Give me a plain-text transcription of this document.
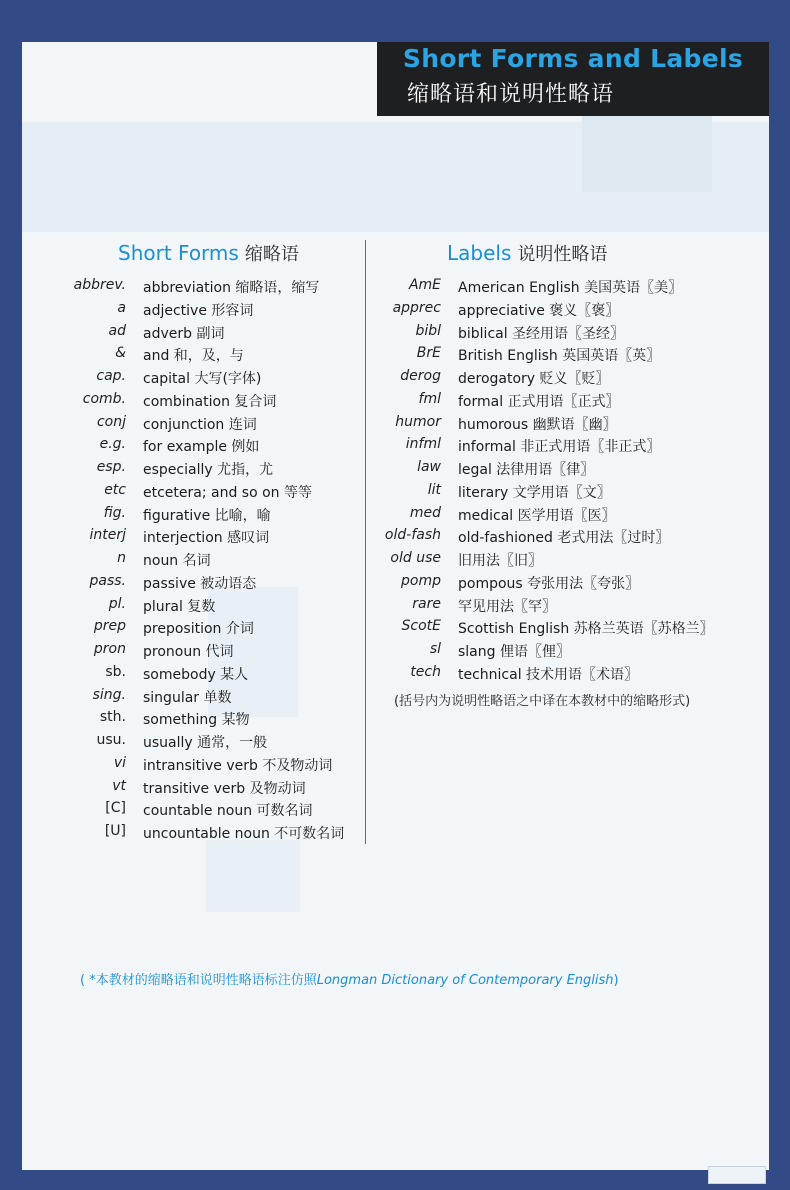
Short Forms and Labels
缩略语和说明性略语
Short Forms 缩略语	Labels 说明性略语
abbrev. abbreviation 缩略语，缩写
a adjective 形容词
ad adverb 副词
& and 和，及，与
cap. capital 大写(字体)
comb. combination 复合词
conj conjunction 连词
e.g. for example 例如
esp. especially 尤指，尤
etc etcetera; and so on 等等
fig. figurative 比喻，喻
interj interjection 感叹词
n noun 名词
pass. passive 被动语态
pl. plural 复数
prep preposition 介词
pron pronoun 代词
sb. somebody 某人
sing. singular 单数
sth. something 某物
usu. usually 通常，一般
vi intransitive verb 不及物动词
vt transitive verb 及物动词
[C] countable noun 可数名词
[U] uncountable noun 不可数名词
AmE American English 美国英语〖美〗
apprec appreciative 褒义〖褒〗
bibl biblical 圣经用语〖圣经〗
BrE British English 英国英语〖英〗
derog derogatory 贬义〖贬〗
fml formal 正式用语〖正式〗
humor humorous 幽默语〖幽〗
infml informal 非正式用语〖非正式〗
law legal 法律用语〖律〗
lit literary 文学用语〖文〗
med medical 医学用语〖医〗
old-fash old-fashioned 老式用法〖过时〗
old use 旧用法〖旧〗
pomp pompous 夸张用法〖夸张〗
rare 罕见用法〖罕〗
ScotE Scottish English 苏格兰英语〖苏格兰〗
sl slang 俚语〖俚〗
tech technical 技术用语〖术语〗
(括号内为说明性略语之中译在本教材中的缩略形式)
( *本教材的缩略语和说明性略语标注仿照Longman Dictionary of Contemporary English)
